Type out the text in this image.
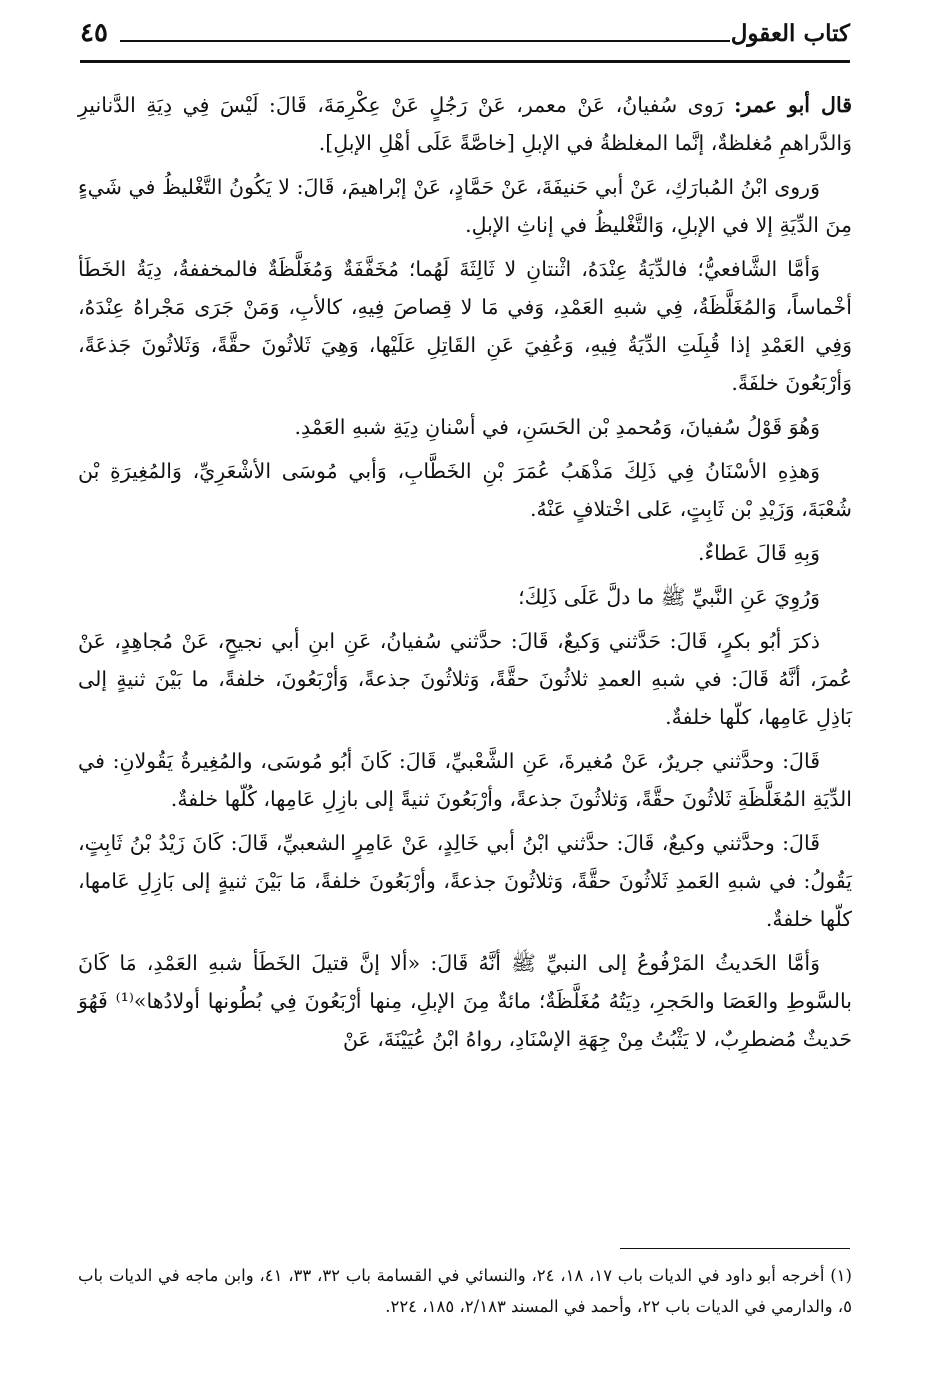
كتاب العقول
٤٥

قال أبو عمر: رَوى سُفيانُ، عَنْ معمر، عَنْ رَجُلٍ عَنْ عِكْرِمَةَ، قَالَ: لَيْسَ فِي دِيَةِ الدَّنانيرِ وَالدَّراهمِ مُغلظةٌ، إنَّما المغلظةُ في الإبلِ [خاصَّةً عَلَى أهْلِ الإبلِ].

وَروى ابْنُ المُبارَكِ، عَنْ أبي حَنيفَةَ، عَنْ حَمَّادٍ، عَنْ إبْراهيمَ، قَالَ: لا يَكُونُ التَّغْليظُ في شَيءٍ مِنَ الدِّيَةِ إلا في الإبلِ، وَالتَّغْليظُ في إناثِ الإبلِ.

وَأمَّا الشَّافعيُّ؛ فالدِّيَةُ عِنْدَهُ، اثْنتانِ لا ثَالِثَةَ لَهُما؛ مُخَفَّفَةٌ وَمُغَلَّظَةٌ فالمخففةُ، دِيَةُ الخَطَأ أخْماساً، وَالمُغَلَّظَةُ، فِي شبهِ العَمْدِ، وَفي مَا لا قِصاصَ فِيهِ، كالأبِ، وَمَنْ جَرَى مَجْراهُ عِنْدَهُ، وَفِي العَمْدِ إذا قُبِلَتِ الدِّيَةُ فِيهِ، وَعُفِيَ عَنِ القَاتِلِ عَلَيْها، وَهِيَ ثَلاثُونَ حقَّةً، وَثَلاثُونَ جَذعَةً، وَأرْبَعُونَ خلفَةً.

وَهُوَ قَوْلُ سُفيانَ، وَمُحمدِ بْن الحَسَنِ، في أسْنانِ دِيَةِ شبهِ العَمْدِ.

وَهذِهِ الأسْنَانُ فِي ذَلِكَ مَذْهَبُ عُمَرَ بْنِ الخَطَّابِ، وَأبي مُوسَى الأشْعَرِيِّ، وَالمُغِيرَةِ بْن شُعْبَةَ، وَزَيْدِ بْن ثَابِتٍ، عَلى اخْتلافٍ عَنْهُ.

وَبِهِ قَالَ عَطاءٌ.

وَرُوِيَ عَنِ النَّبيِّ ﷺ ما دلَّ عَلَى ذَلِكَ؛

ذكرَ أبُو بكرٍ، قَالَ: حَدَّثني وَكيعٌ، قَالَ: حدَّثني سُفيانُ، عَنِ ابنِ أبي نجيحٍ، عَنْ مُجاهِدٍ، عَنْ عُمرَ، أنَّهُ قَالَ: في شبهِ العمدِ ثلاثُونَ حقَّةً، وَثلاثُونَ جذعةً، وَأرْبَعُونَ، خلفةً، ما بَيْنَ ثنيةٍ إلى بَاذِلِ عَامِها، كلّها خلفةٌ.

قَالَ: وحدَّثني جريرٌ، عَنْ مُغيرةَ، عَنِ الشَّعْبيِّ، قَالَ: كَانَ أبُو مُوسَى، والمُغِيرةُ يَقُولانِ: في الدِّيَةِ المُغَلَّظَةِ ثَلاثُونَ حقَّةً، وَثلاثُونَ جذعةً، وأرْبَعُونَ ثنيةً إلى بازِلِ عَامِها، كُلّها خلفةٌ.

قَالَ: وحدَّثني وكيعٌ، قَالَ: حدَّثني ابْنُ أبي خَالِدٍ، عَنْ عَامِرٍ الشعبيِّ، قَالَ: كَانَ زَيْدُ بْنُ ثَابِتٍ، يَقُولُ: في شبهِ العَمدِ ثَلاثُونَ حقَّةً، وَثلاثُونَ جذعةً، وأرْبَعُونَ خلفةً، مَا بَيْنَ ثنيةٍ إلى بَازِلِ عَامها، كلّها خلفةٌ.

وَأمَّا الحَديثُ المَرْفُوعُ إلى النبيِّ ﷺ أنَّهُ قَالَ: «ألا إنَّ قتيلَ الخَطَأ شبهِ العَمْدِ، مَا كَانَ بالسَّوطِ والعَصَا والحَجرِ، دِيَتُهُ مُغَلَّظَةٌ؛ مائةٌ مِنَ الإبلِ، مِنها أرْبَعُونَ فِي بُطُونها أولادُها»⁽¹⁾ فَهُوَ حَديثٌ مُضطرِبٌ، لا يَثْبُتُ مِنْ جِهَةِ الإسْنَادِ، رواهُ ابْنُ عُيَيْنَةَ، عَنْ

(١) أخرجه أبو داود في الديات باب ١٧، ١٨، ٢٤، والنسائي في القسامة باب ٣٢، ٣٣، ٤١، وابن ماجه في الديات باب ٥، والدارمي في الديات باب ٢٢، وأحمد في المسند ٢/١٨٣، ١٨٥، ٢٢٤.
